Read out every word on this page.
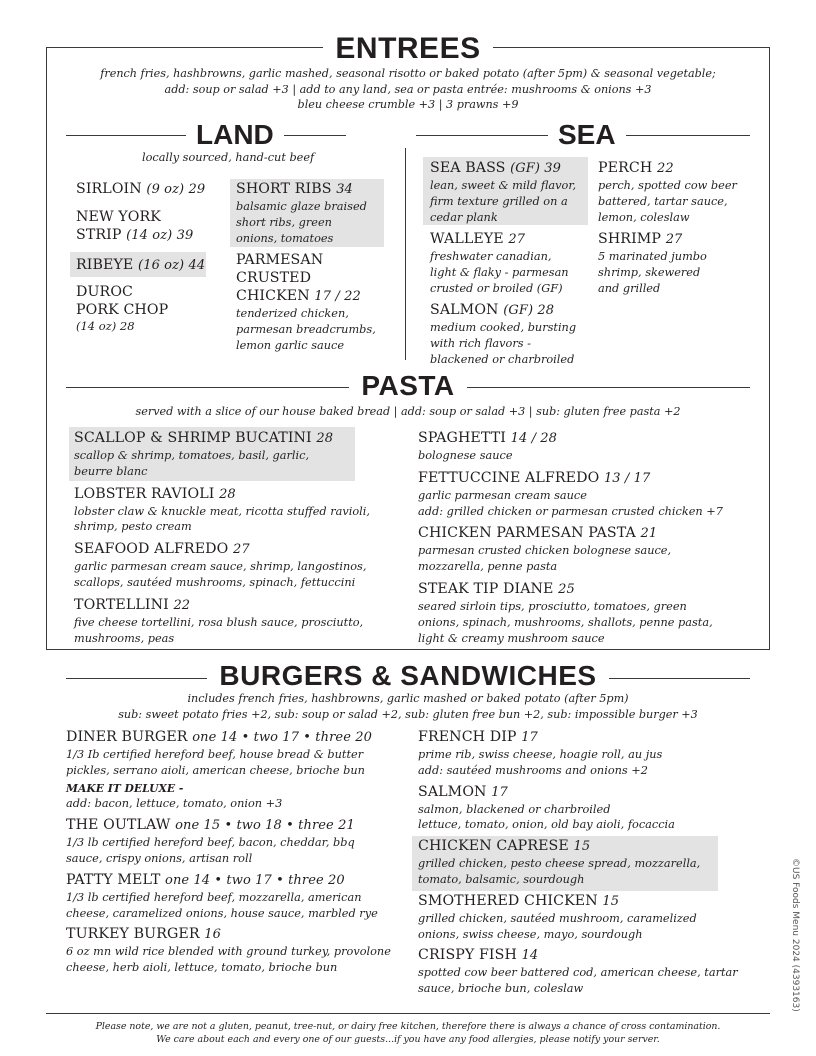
ENTREES
french fries, hashbrowns, garlic mashed, seasonal risotto or baked potato (after 5pm) & seasonal vegetable;
add: soup or salad +3 | add to any land, sea or pasta entrée: mushrooms & onions +3
bleu cheese crumble +3 | 3 prawns +9
LAND
locally sourced, hand-cut beef
SIRLOIN (9 oz) 29
NEW YORK
STRIP (14 oz) 39
RIBEYE (16 oz) 44
DUROC
PORK CHOP
(14 oz) 28
SHORT RIBS 34
balsamic glaze braised
short ribs, green
onions, tomatoes
PARMESAN
CRUSTED
CHICKEN 17 / 22
tenderized chicken,
parmesan breadcrumbs,
lemon garlic sauce
SEA
SEA BASS (GF) 39
lean, sweet & mild flavor,
firm texture grilled on a
cedar plank
WALLEYE 27
freshwater canadian,
light & flaky - parmesan
crusted or broiled (GF)
SALMON (GF) 28
medium cooked, bursting
with rich flavors -
blackened or charbroiled
PERCH 22
perch, spotted cow beer
battered, tartar sauce,
lemon, coleslaw
SHRIMP 27
5 marinated jumbo
shrimp, skewered
and grilled
PASTA
served with a slice of our house baked bread | add: soup or salad +3 | sub: gluten free pasta +2
SCALLOP & SHRIMP BUCATINI 28
scallop & shrimp, tomatoes, basil, garlic,
beurre blanc
LOBSTER RAVIOLI 28
lobster claw & knuckle meat, ricotta stuffed ravioli,
shrimp, pesto cream
SEAFOOD ALFREDO 27
garlic parmesan cream sauce, shrimp, langostinos,
scallops, sautéed mushrooms, spinach, fettuccini
TORTELLINI 22
five cheese tortellini, rosa blush sauce, prosciutto,
mushrooms, peas
SPAGHETTI 14 / 28
bolognese sauce
FETTUCCINE ALFREDO 13 / 17
garlic parmesan cream sauce
add: grilled chicken or parmesan crusted chicken +7
CHICKEN PARMESAN PASTA 21
parmesan crusted chicken bolognese sauce,
mozzarella, penne pasta
STEAK TIP DIANE 25
seared sirloin tips, prosciutto, tomatoes, green
onions, spinach, mushrooms, shallots, penne pasta,
light & creamy mushroom sauce
BURGERS & SANDWICHES
includes french fries, hashbrowns, garlic mashed or baked potato (after 5pm)
sub: sweet potato fries +2, sub: soup or salad +2, sub: gluten free bun +2, sub: impossible burger +3
DINER BURGER one 14 • two 17 • three 20
1/3 Ib certified hereford beef, house bread & butter
pickles, serrano aioli, american cheese, brioche bun
MAKE IT DELUXE -
add: bacon, lettuce, tomato, onion +3
THE OUTLAW one 15 • two 18 • three 21
1/3 lb certified hereford beef, bacon, cheddar, bbq
sauce, crispy onions, artisan roll
PATTY MELT one 14 • two 17 • three 20
1/3 lb certified hereford beef, mozzarella, american
cheese, caramelized onions, house sauce, marbled rye
TURKEY BURGER 16
6 oz mn wild rice blended with ground turkey, provolone
cheese, herb aioli, lettuce, tomato, brioche bun
FRENCH DIP 17
prime rib, swiss cheese, hoagie roll, au jus
add: sautéed mushrooms and onions +2
SALMON 17
salmon, blackened or charbroiled
lettuce, tomato, onion, old bay aioli, focaccia
CHICKEN CAPRESE 15
grilled chicken, pesto cheese spread, mozzarella,
tomato, balsamic, sourdough
SMOTHERED CHICKEN 15
grilled chicken, sautéed mushroom, caramelized
onions, swiss cheese, mayo, sourdough
CRISPY FISH 14
spotted cow beer battered cod, american cheese, tartar
sauce, brioche bun, coleslaw
Please note, we are not a gluten, peanut, tree-nut, or dairy free kitchen, therefore there is always a chance of cross contamination.
We care about each and every one of our guests...if you have any food allergies, please notify your server.
©US Foods Menu 2024 (4393163)
